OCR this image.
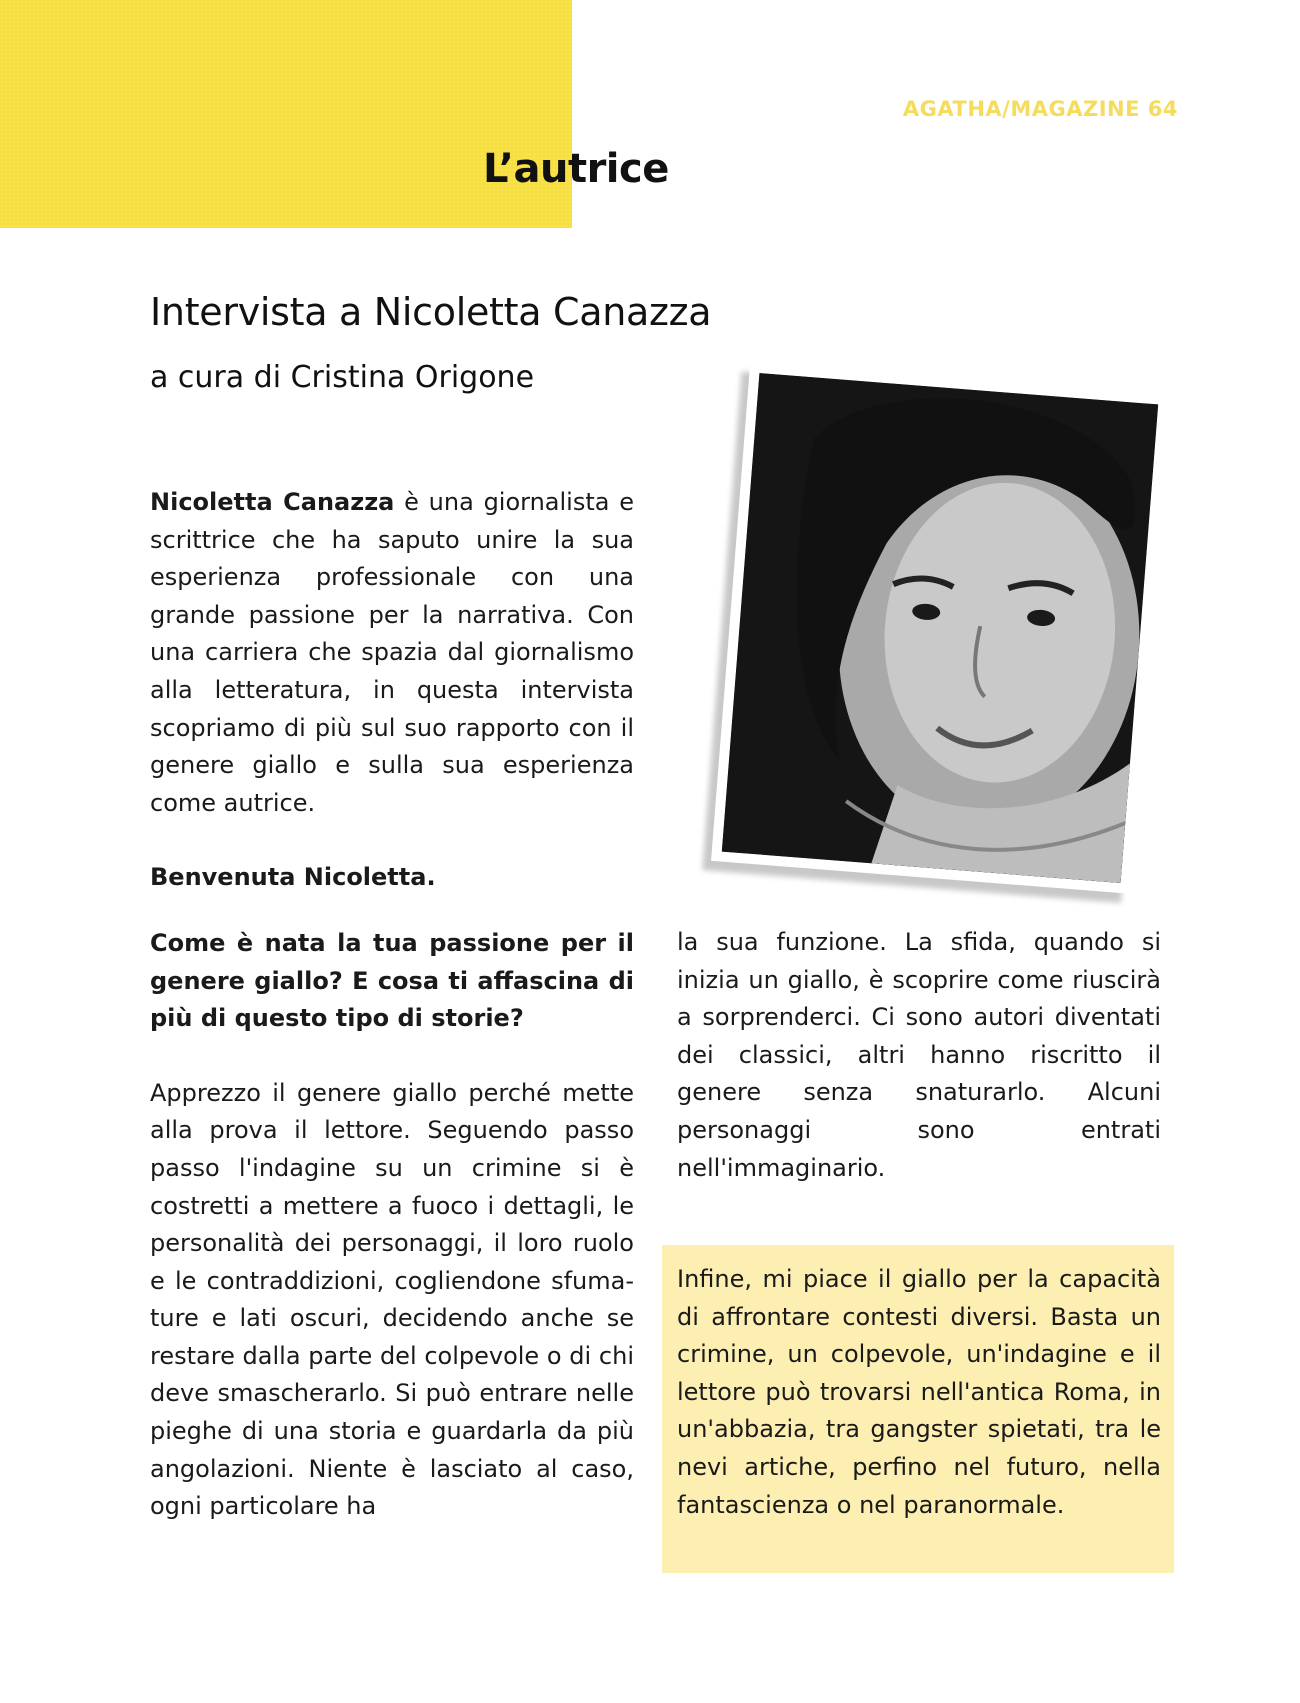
AGATHA/MAGAZINE 64
L’autrice
Intervista a Nicoletta Canazza

a cura di Cristina Origone

Nicoletta Canazza è una giornalista e scrittrice che ha saputo unire la sua esperienza professionale con una grande passione per la narrativa. Con una carriera che spazia dal giornalismo alla letteratura, in questa intervista scopriamo di più sul suo rapporto con il genere giallo e sulla sua esperienza come autrice.

Benvenuta Nicoletta.

Come è nata la tua passione per il genere giallo? E cosa ti affascina di più di questo tipo di storie?

Apprezzo il genere giallo perché mette alla prova il lettore. Seguendo passo passo l'indagine su un crimine si è costretti a mettere a fuoco i dettagli, le personalità dei personaggi, il loro ruolo e le contraddizioni, cogliendone sfuma-ture e lati oscuri, decidendo anche se restare dalla parte del colpevole o di chi deve smascherarlo. Si può entrare nelle pieghe di una storia e guardarla da più angolazioni. Niente è lasciato al caso, ogni particolare ha

la sua funzione. La sfida, quando si inizia un giallo, è scoprire come riuscirà a sorprenderci. Ci sono autori diventati dei classici, altri hanno riscritto il genere senza snaturarlo. Alcuni personaggi sono entrati nell'immaginario.

Infine, mi piace il giallo per la capacità di affrontare contesti diversi. Basta un crimine, un colpevole, un'indagine e il lettore può trovarsi nell'antica Roma, in un'abbazia, tra gangster spietati, tra le nevi artiche, perfino nel futuro, nella fantascienza o nel paranormale.
